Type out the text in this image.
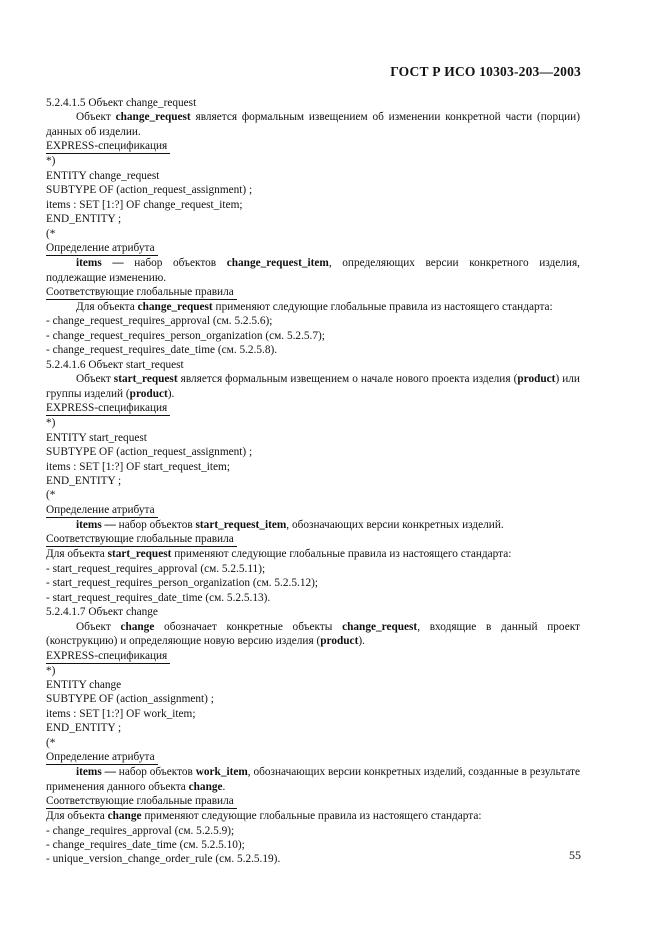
ГОСТ Р ИСО 10303-203—2003

5.2.4.1.5 Объект change_request

Объект change_request является формальным извещением об изменении конкретной части (порции) данных об изделии.

EXPRESS-спецификация

*)

ENTITY change_request

SUBTYPE OF (action_request_assignment) ;

items : SET [1:?] OF change_request_item;

END_ENTITY ;

(*

Определение атрибута

items — набор объектов change_request_item, определяющих версии конкретного изделия, подлежащие изменению.

Соответствующие глобальные правила

Для объекта change_request применяют следующие глобальные правила из настоящего стандарта:

- change_request_requires_approval (см. 5.2.5.6);

- change_request_requires_person_organization (см. 5.2.5.7);

- change_request_requires_date_time (см. 5.2.5.8).

5.2.4.1.6 Объект start_request

Объект start_request является формальным извещением о начале нового проекта изделия (product) или группы изделий (product).

EXPRESS-спецификация

*)

ENTITY start_request

SUBTYPE OF (action_request_assignment) ;

items : SET [1:?] OF start_request_item;

END_ENTITY ;

(*

Определение атрибута

items — набор объектов start_request_item, обозначающих версии конкретных изделий.

Соответствующие глобальные правила

Для объекта start_request применяют следующие глобальные правила из настоящего стандарта:

- start_request_requires_approval (см. 5.2.5.11);

- start_request_requires_person_organization (см. 5.2.5.12);

- start_request_requires_date_time (см. 5.2.5.13).

5.2.4.1.7 Объект change

Объект change обозначает конкретные объекты change_request, входящие в данный проект (конструкцию) и определяющие новую версию изделия (product).

EXPRESS-спецификация

*)

ENTITY change

SUBTYPE OF (action_assignment) ;

items : SET [1:?] OF work_item;

END_ENTITY ;

(*

Определение атрибута

items — набор объектов work_item, обозначающих версии конкретных изделий, созданные в результате применения данного объекта change.

Соответствующие глобальные правила

Для объекта change применяют следующие глобальные правила из настоящего стандарта:

- change_requires_approval (см. 5.2.5.9);

- change_requires_date_time (см. 5.2.5.10);

- unique_version_change_order_rule (см. 5.2.5.19).	55
